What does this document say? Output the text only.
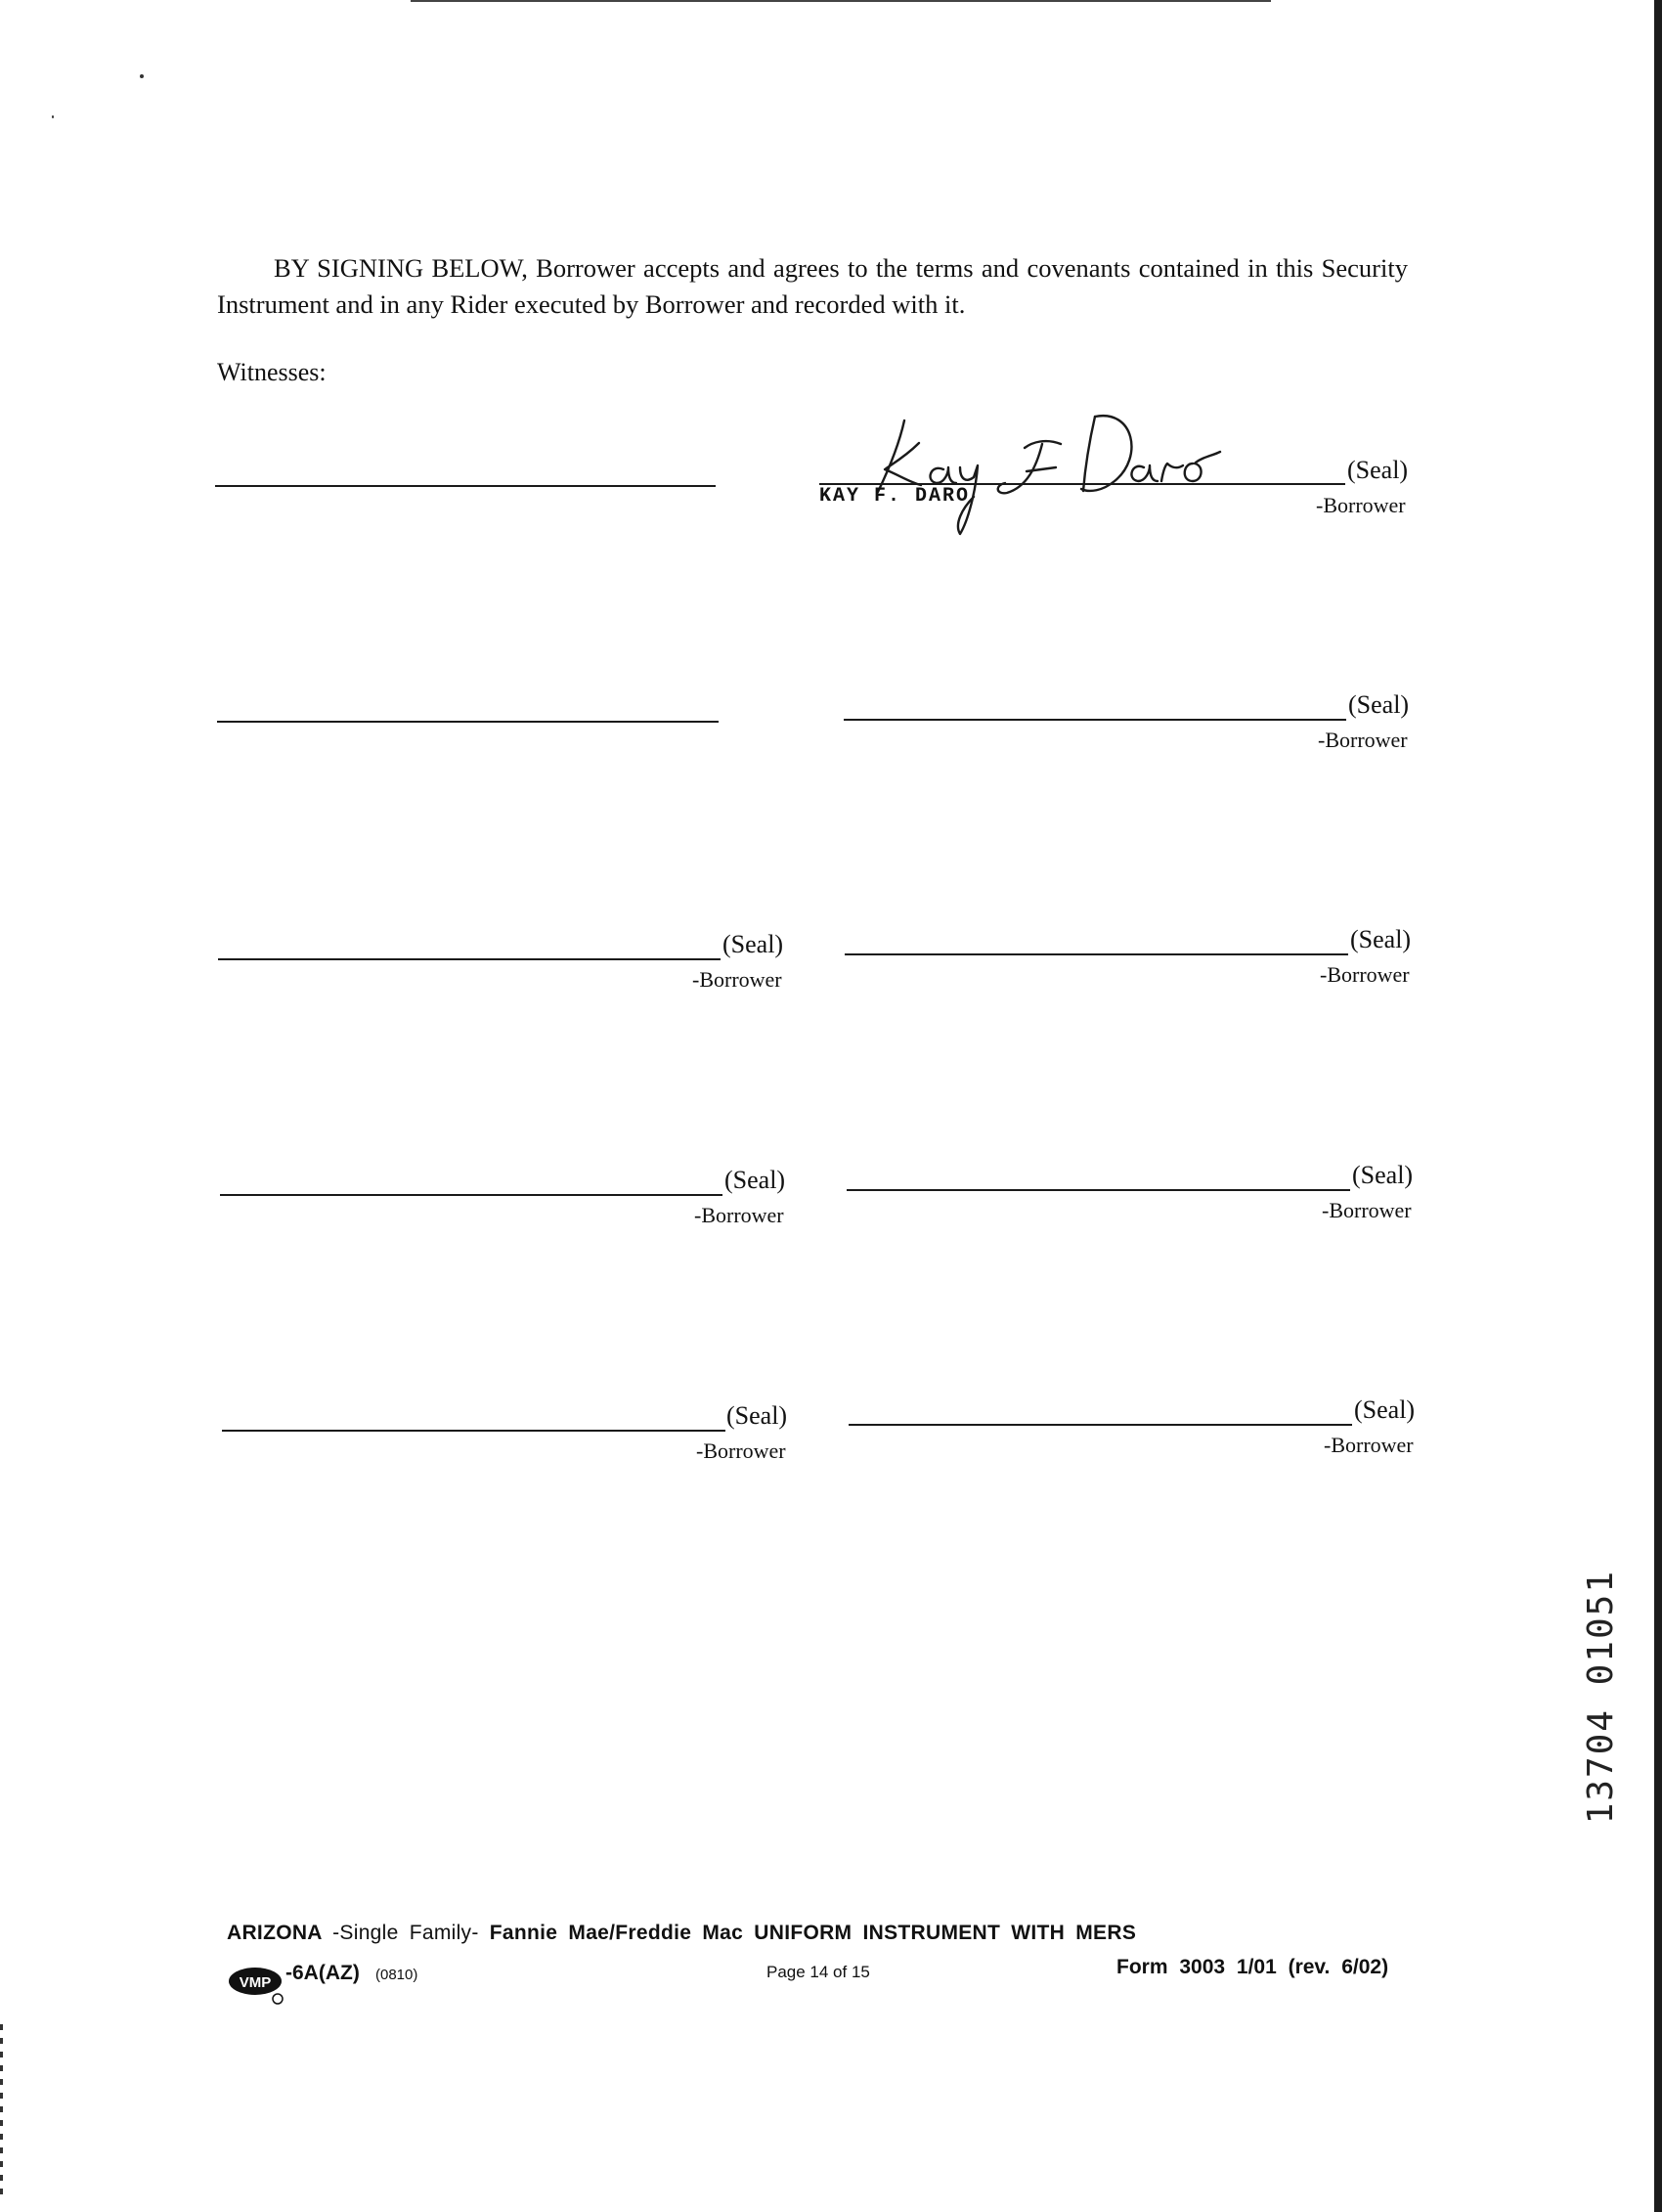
BY SIGNING BELOW, Borrower accepts and agrees to the terms and covenants contained in this Security Instrument and in any Rider executed by Borrower and recorded with it.

Witnesses:
KAY F. DARO
(Seal)
-Borrower
(Seal)
-Borrower
(Seal)
-Borrower
(Seal)
-Borrower
(Seal)
-Borrower
(Seal)
-Borrower
(Seal)
-Borrower
(Seal)
-Borrower
13704 01051
ARIZONA -Single Family- Fannie Mae/Freddie Mac UNIFORM INSTRUMENT WITH MERS
VMP -6A(AZ) (0810)	Page 14 of 15	Form 3003 1/01 (rev. 6/02)
